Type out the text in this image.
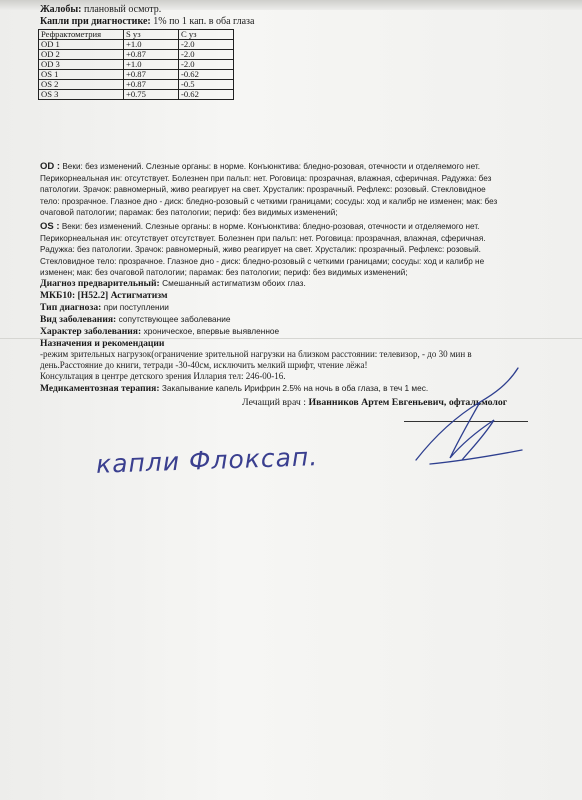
Жалобы: плановый осмотр.
Капли при диагностике: 1% по 1 кап. в оба глаза
Рефрактометрия	S уз	C уз
OD 1	+1.0	-2.0
OD 2	+0.87	-2.0
OD 3	+1.0	-2.0
OS 1	+0.87	-0.62
OS 2	+0.87	-0.5
OS 3	+0.75	-0.62
OD : Веки: без изменений. Слезные органы: в норме. Конъюнктива: бледно-розовая, отечности и отделяемого нет.
Перикорнеальная ин: отсутствует. Болезнен при пальп: нет. Роговица: прозрачная, влажная, сферичная. Радужка: без
патологии. Зрачок: равномерный, живо реагирует на свет. Хрусталик: прозрачный. Рефлекс: розовый. Стекловидное
тело: прозрачное. Глазное дно - диск: бледно-розовый с четкими границами; сосуды: ход и калибр не изменен; мак: без
очаговой патологии; парамак: без патологии; периф: без видимых изменений;
OS : Веки: без изменений. Слезные органы: в норме. Конъюнктива: бледно-розовая, отечности и отделяемого нет.
Перикорнеальная ин: отсутствует отсутствует. Болезнен при пальп: нет. Роговица: прозрачная, влажная, сферичная.
Радужка: без патологии. Зрачок: равномерный, живо реагирует на свет. Хрусталик: прозрачный. Рефлекс: розовый.
Стекловидное тело: прозрачное. Глазное дно - диск: бледно-розовый с четкими границами; сосуды: ход и калибр не
изменен; мак: без очаговой патологии; парамак: без патологии; периф: без видимых изменений;
Диагноз предварительный: Смешанный астигматизм обоих глаз.
МКБ10: [H52.2] Астигматизм
Тип диагноза: при поступлении
Вид заболевания: сопутствующее заболевание
Характер заболевания: хроническое, впервые выявленное
Назначения и рекомендации
-режим зрительных нагрузок(ограничение зрительной нагрузки на близком расстоянии: телевизор, - до 30 мин в
день.Расстояние до книги, тетради -30-40см, исключить мелкий шрифт, чтение лёжа!
Консультация в центре детского зрения Иллария тел: 246-00-16.
Медикаментозная терапия: Закапывание капель Ирифрин 2.5% на ночь в оба глаза, в теч 1 мес.
Лечащий врач : Иванников Артем Евгеньевич, офтальмолог
капли Флоксап.
